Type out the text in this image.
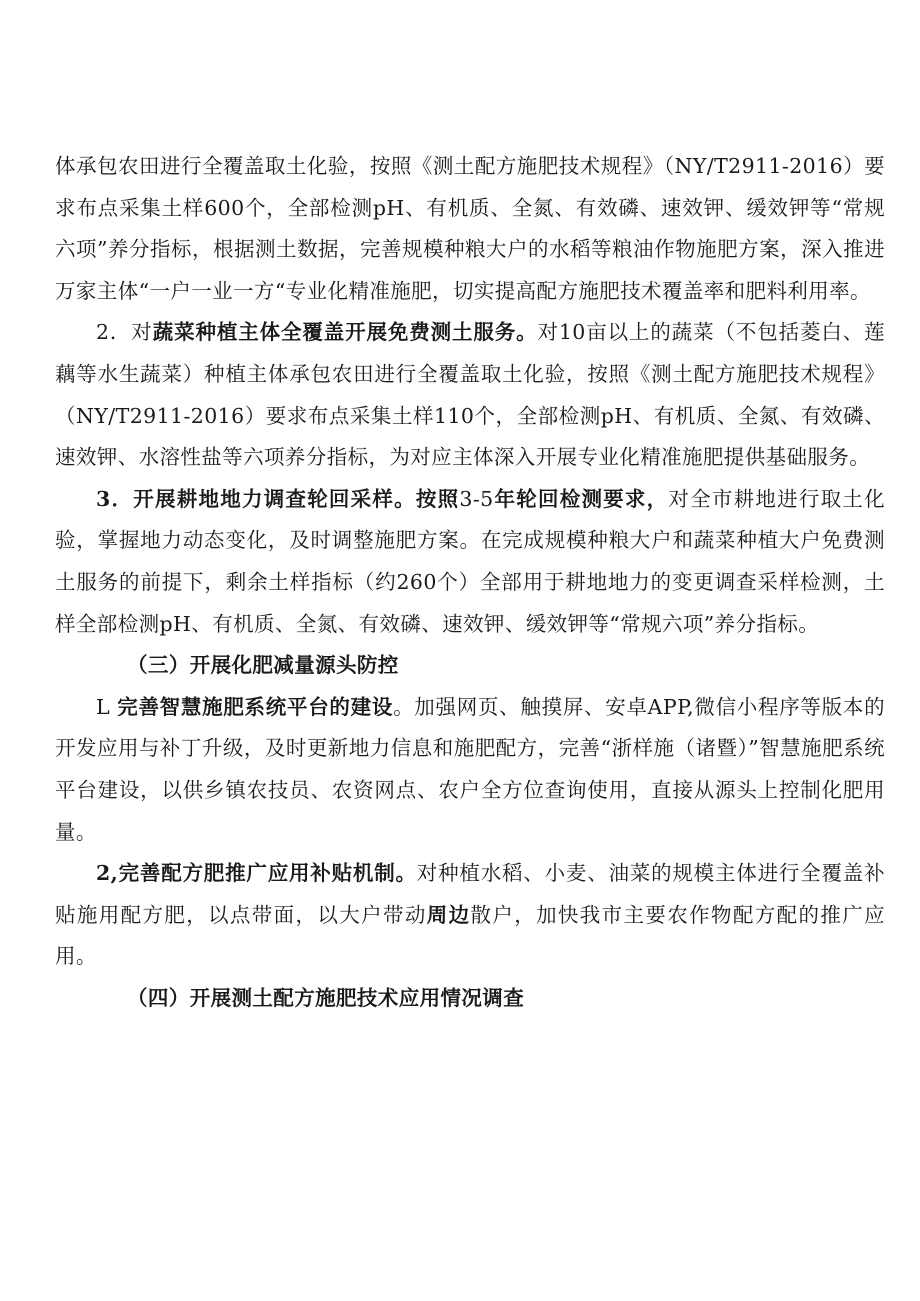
体承包农田进行全覆盖取土化验，按照《测土配方施肥技术规程》（NY/T2911-2016）要求布点采集土样600个，全部检测pH、有机质、全氮、有效磷、速效钾、缓效钾等“常规六项”养分指标，根据测土数据，完善规模种粮大户的水稻等粮油作物施肥方案，深入推进万家主体“一户一业一方“专业化精准施肥，切实提高配方施肥技术覆盖率和肥料利用率。

2．对蔬菜种植主体全覆盖开展免费测土服务。对10亩以上的蔬菜（不包括菱白、莲藕等水生蔬菜）种植主体承包农田进行全覆盖取土化验，按照《测土配方施肥技术规程》（NY/T2911-2016）要求布点采集土样110个，全部检测pH、有机质、全氮、有效磷、速效钾、水溶性盐等六项养分指标，为对应主体深入开展专业化精准施肥提供基础服务。

3．开展耕地地力调查轮回采样。按照3-5年轮回检测要求，对全市耕地进行取土化验，掌握地力动态变化，及时调整施肥方案。在完成规模种粮大户和蔬菜种植大户免费测土服务的前提下，剩余土样指标（约260个）全部用于耕地地力的变更调查采样检测，土样全部检测pH、有机质、全氮、有效磷、速效钾、缓效钾等“常规六项”养分指标。

（三）开展化肥减量源头防控

L 完善智慧施肥系统平台的建设。加强网页、触摸屏、安卓APP,微信小程序等版本的开发应用与补丁升级，及时更新地力信息和施肥配方，完善“浙样施（诸暨）”智慧施肥系统平台建设，以供乡镇农技员、农资网点、农户全方位查询使用，直接从源头上控制化肥用量。

2,完善配方肥推广应用补贴机制。对种植水稻、小麦、油菜的规模主体进行全覆盖补贴施用配方肥，以点带面，以大户带动周边散户，加快我市主要农作物配方配的推广应用。

（四）开展测土配方施肥技术应用情况调查
